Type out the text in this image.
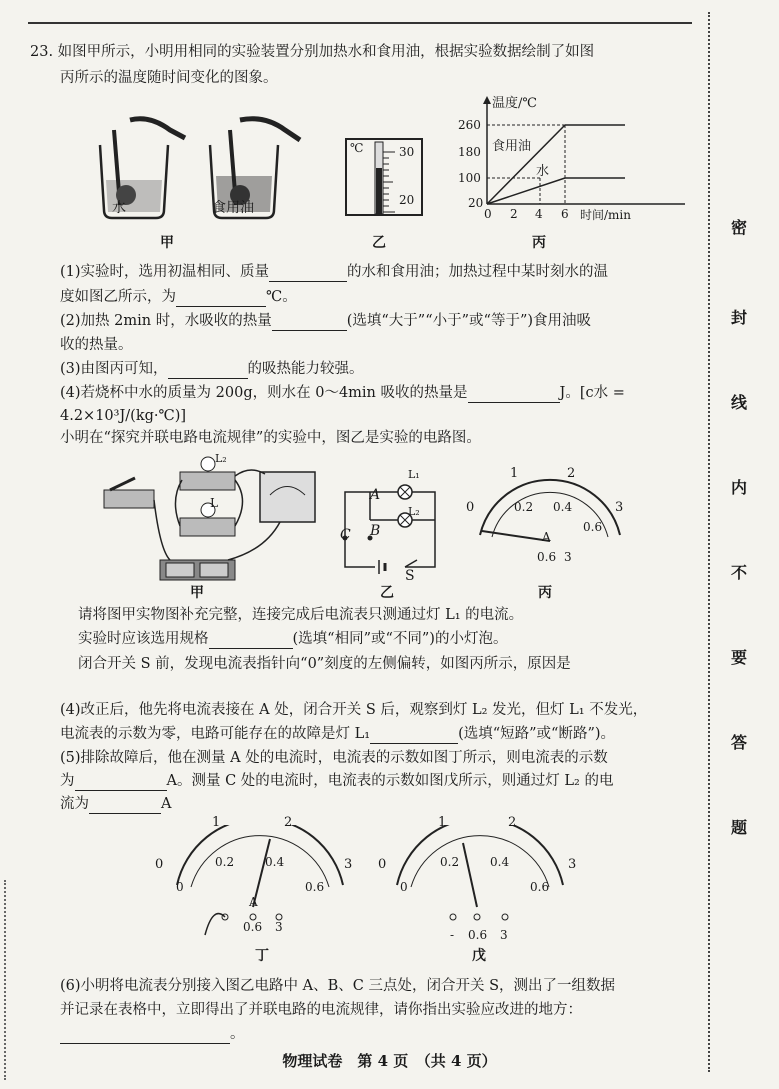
密
封
线
内
不
要
答
题
23. 如图甲所示，小明用相同的实验装置分别加热水和食用油，根据实验数据绘制了如图
丙所示的温度随时间变化的图象。
水	食用油
甲
℃	30
20
乙
温度/℃
260
180
100
20
0 2 4 6 时间/min
食用油
水
丙
(1)实验时，选用初温相同、质量	的水和食用油；加热过程中某时刻水的温
度如图乙所示，为	℃。
(2)加热 2min 时，水吸收的热量	(选填“大于”“小于”或“等于”)食用油吸
收的热量。
(3)由图丙可知，	的吸热能力较强。
(4)若烧杯中水的质量为 200g，则水在 0～4min 吸收的热量是	J。[c水 =
4.2×10³J/(kg·℃)]
小明在“探究并联电路电流规律”的实验中，图乙是实验的电路图。
L₂
L
甲
L₁
L₂
A
B
C
S
乙
1	2
0	3
0.2 0.4
0.6
A
0.6 3
丙
请将图甲实物图补充完整，连接完成后电流表只测通过灯 L₁ 的电流。
实验时应该选用规格	(选填“相同”或“不同”)的小灯泡。
闭合开关 S 前，发现电流表指针向“0”刻度的左侧偏转，如图丙所示，原因是
(4)改正后，他先将电流表接在 A 处，闭合开关 S 后，观察到灯 L₂ 发光，但灯 L₁ 不发光，
电流表的示数为零，电路可能存在的故障是灯 L₁	(选填“短路”或“断路”)。
(5)排除故障后，他在测量 A 处的电流时，电流表的示数如图丁所示，则电流表的示数
为	A。测量 C 处的电流时，电流表的示数如图戊所示，则通过灯 L₂ 的电
流为	A
1	2
0	3
0.2	0.4
0	0.6
A
0.6 3
丁
1	2
0	3
0.2	0.4
0	0.6
- 0.6 3
戊
(6)小明将电流表分别接入图乙电路中 A、B、C 三点处，闭合开关 S，测出了一组数据
并记录在表格中，立即得出了并联电路的电流规律，请你指出实验应改进的地方：
。
物理试卷　第 4 页　（共 4 页）
